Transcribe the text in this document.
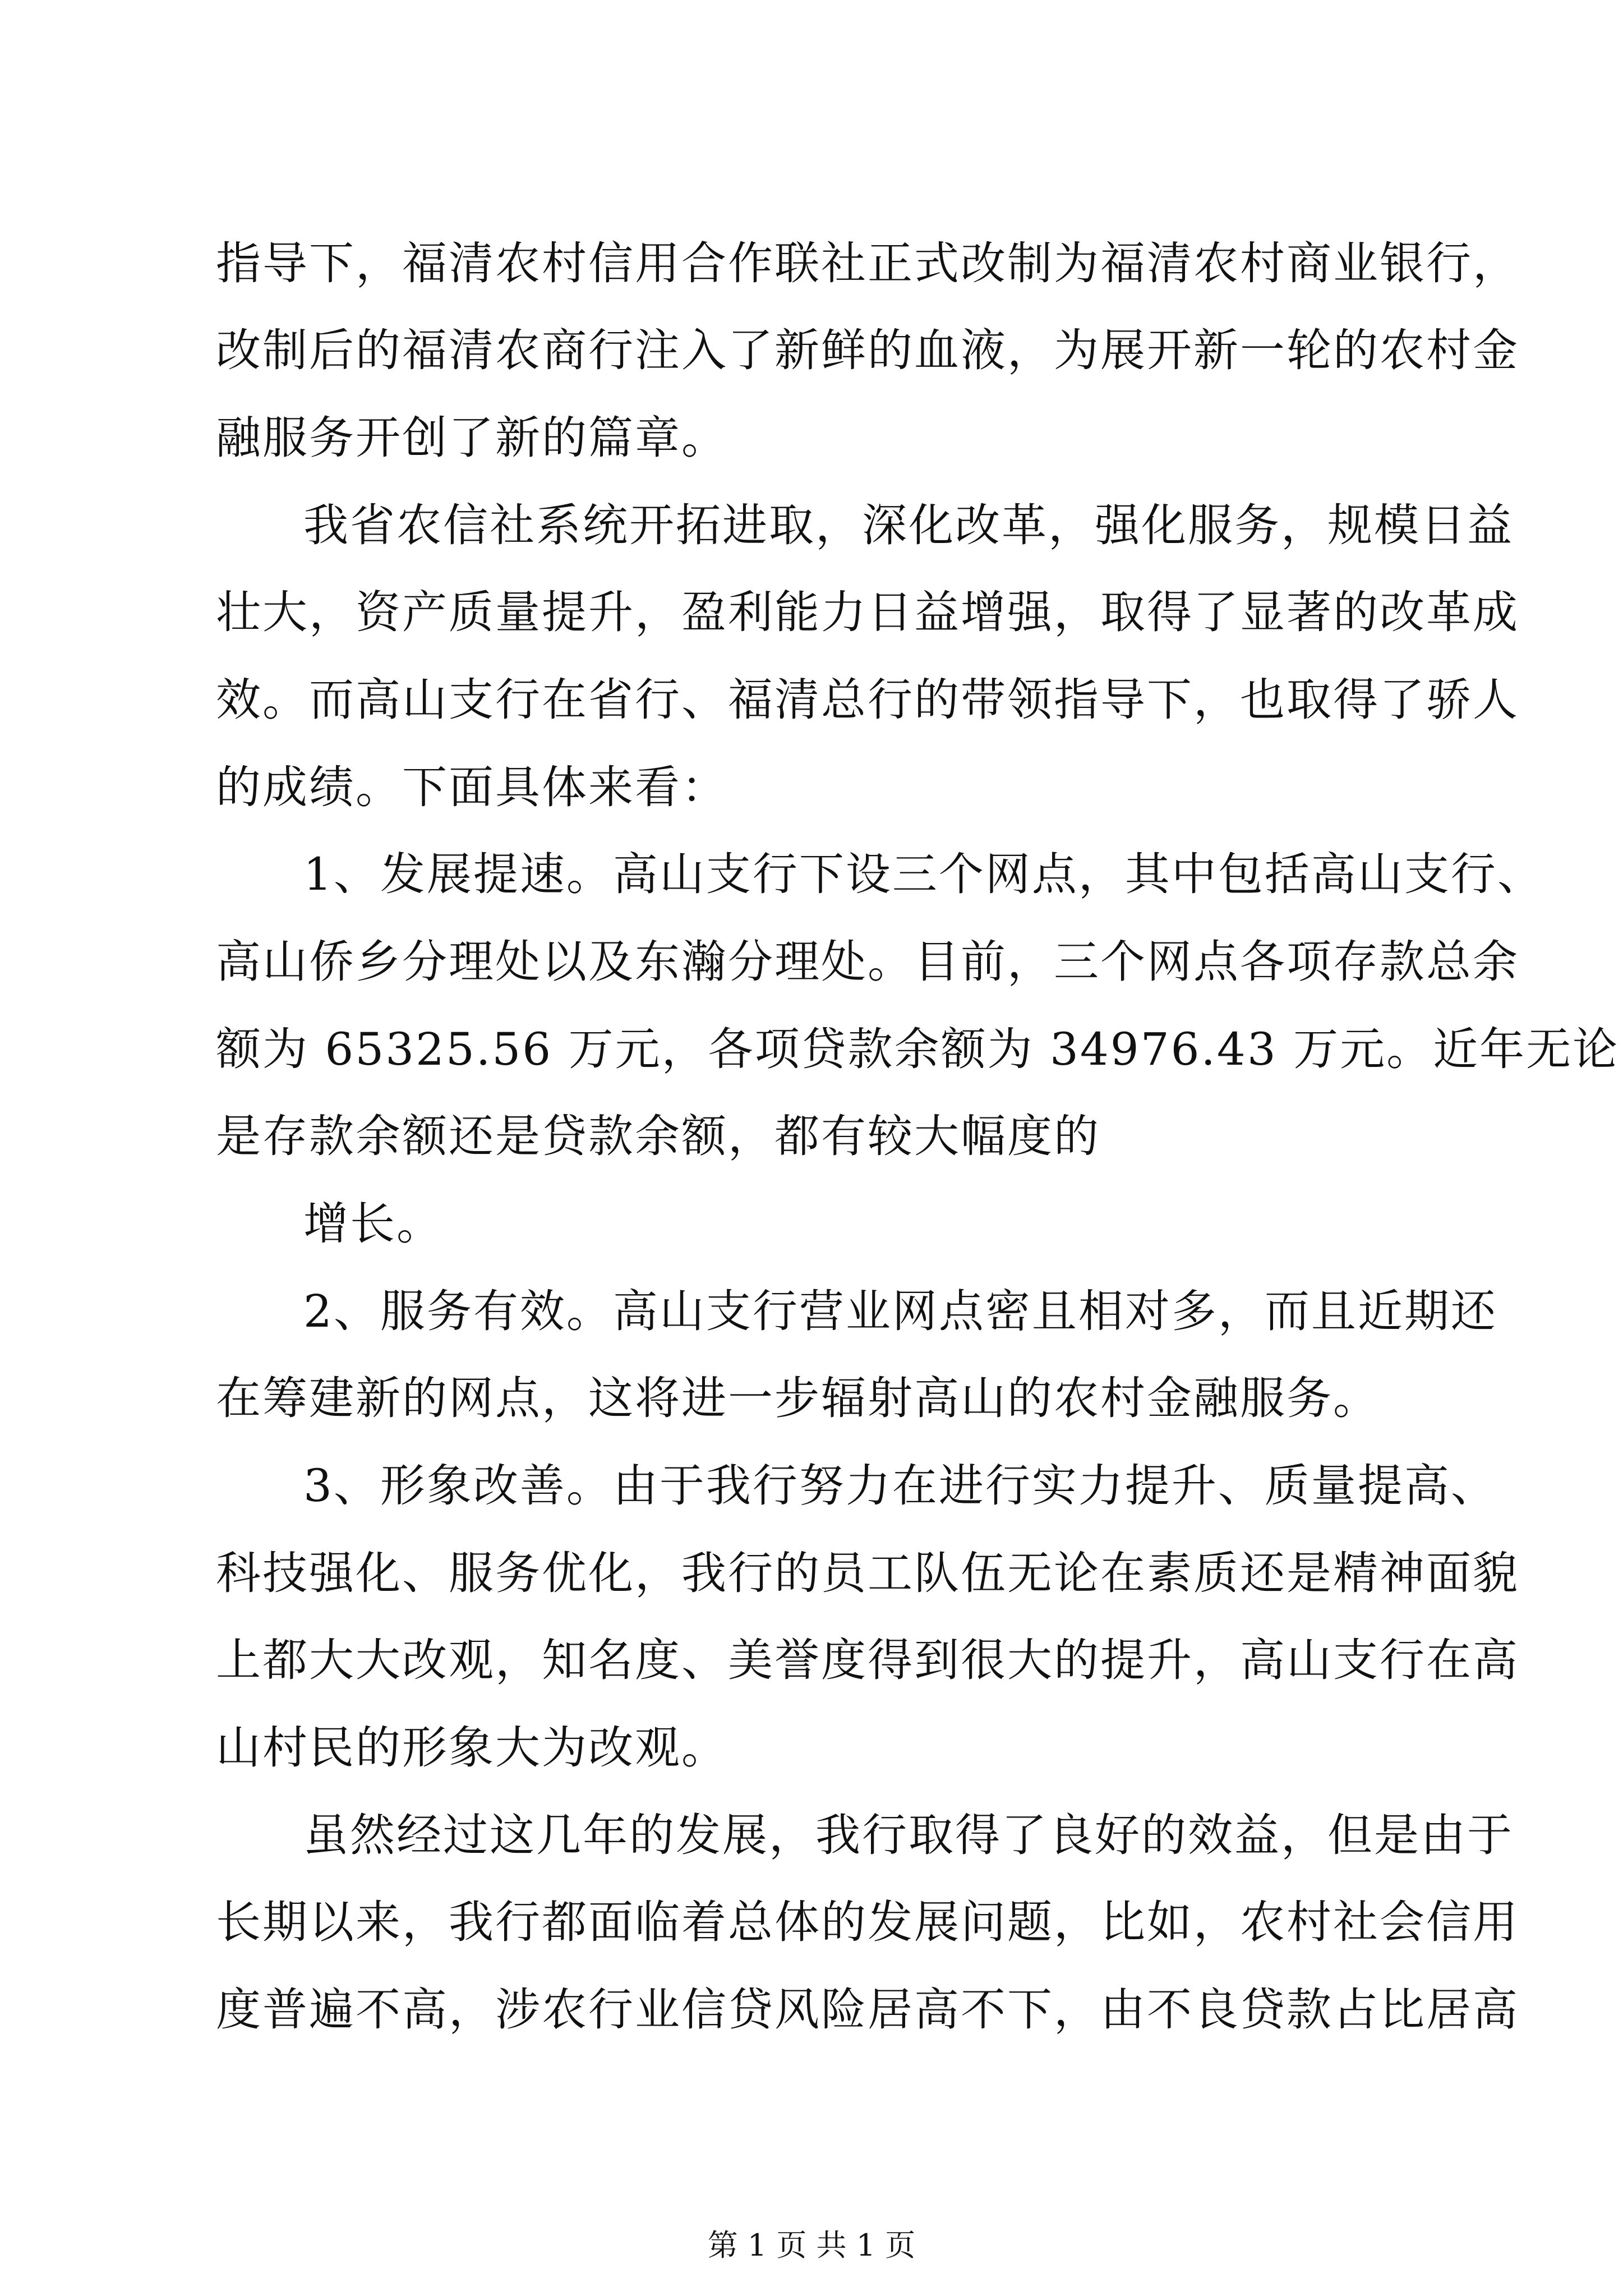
指导下，福清农村信用合作联社正式改制为福清农村商业银行，
改制后的福清农商行注入了新鲜的血液，为展开新一轮的农村金
融服务开创了新的篇章。
我省农信社系统开拓进取，深化改革，强化服务，规模日益
壮大，资产质量提升，盈利能力日益增强，取得了显著的改革成
效。而高山支行在省行、福清总行的带领指导下，也取得了骄人
的成绩。下面具体来看：
1、发展提速。高山支行下设三个网点，其中包括高山支行、
高山侨乡分理处以及东瀚分理处。目前，三个网点各项存款总余
额为 65325.56 万元，各项贷款余额为 34976.43 万元。近年无论
是存款余额还是贷款余额，都有较大幅度的
增长。
2、服务有效。高山支行营业网点密且相对多，而且近期还
在筹建新的网点，这将进一步辐射高山的农村金融服务。
3、形象改善。由于我行努力在进行实力提升、质量提高、
科技强化、服务优化，我行的员工队伍无论在素质还是精神面貌
上都大大改观，知名度、美誉度得到很大的提升，高山支行在高
山村民的形象大为改观。
虽然经过这几年的发展，我行取得了良好的效益，但是由于
长期以来，我行都面临着总体的发展问题，比如，农村社会信用
度普遍不高，涉农行业信贷风险居高不下，由不良贷款占比居高
第 1 页 共 1 页
